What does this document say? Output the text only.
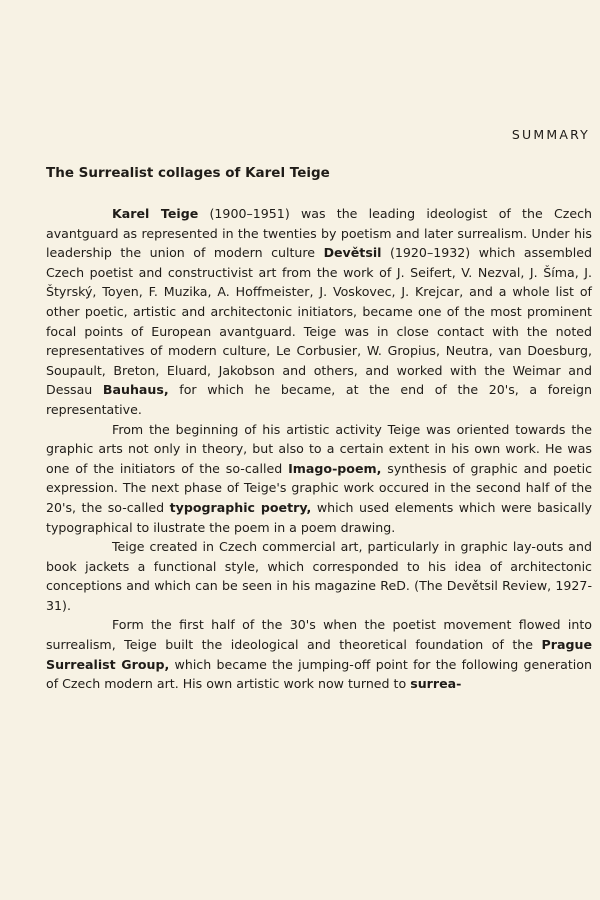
SUMMARY
The Surrealist collages of Karel Teige

Karel Teige (1900–1951) was the leading ideologist of the Czech avantguard as represented in the twenties by poetism and later surrealism. Under his leadership the union of modern culture Devětsil (1920–1932) which assembled Czech poetist and constructivist art from the work of J. Seifert, V. Nezval, J. Šíma, J. Štyrský, Toyen, F. Muzika, A. Hoffmeister, J. Voskovec, J. Krejcar, and a whole list of other poetic, artistic and architectonic initiators, became one of the most prominent focal points of European avantguard. Teige was in close contact with the noted representatives of modern culture, Le Corbusier, W. Gropius, Neutra, van Doesburg, Soupault, Breton, Eluard, Jakobson and others, and worked with the Weimar and Dessau Bauhaus, for which he became, at the end of the 20's, a foreign representative.

From the beginning of his artistic activity Teige was oriented towards the graphic arts not only in theory, but also to a certain extent in his own work. He was one of the initiators of the so-called Imago-poem, synthesis of graphic and poetic expression. The next phase of Teige's graphic work occured in the second half of the 20's, the so-called typographic poetry, which used elements which were basically typographical to ilustrate the poem in a poem drawing.

Teige created in Czech commercial art, particularly in graphic lay-outs and book jackets a functional style, which corresponded to his idea of architectonic conceptions and which can be seen in his magazine ReD. (The Devětsil Review, 1927-31).

Form the first half of the 30's when the poetist movement flowed into surrealism, Teige built the ideological and theoretical foundation of the Prague Surrealist Group, which became the jumping-off point for the following generation of Czech modern art. His own artistic work now turned to surrea-
